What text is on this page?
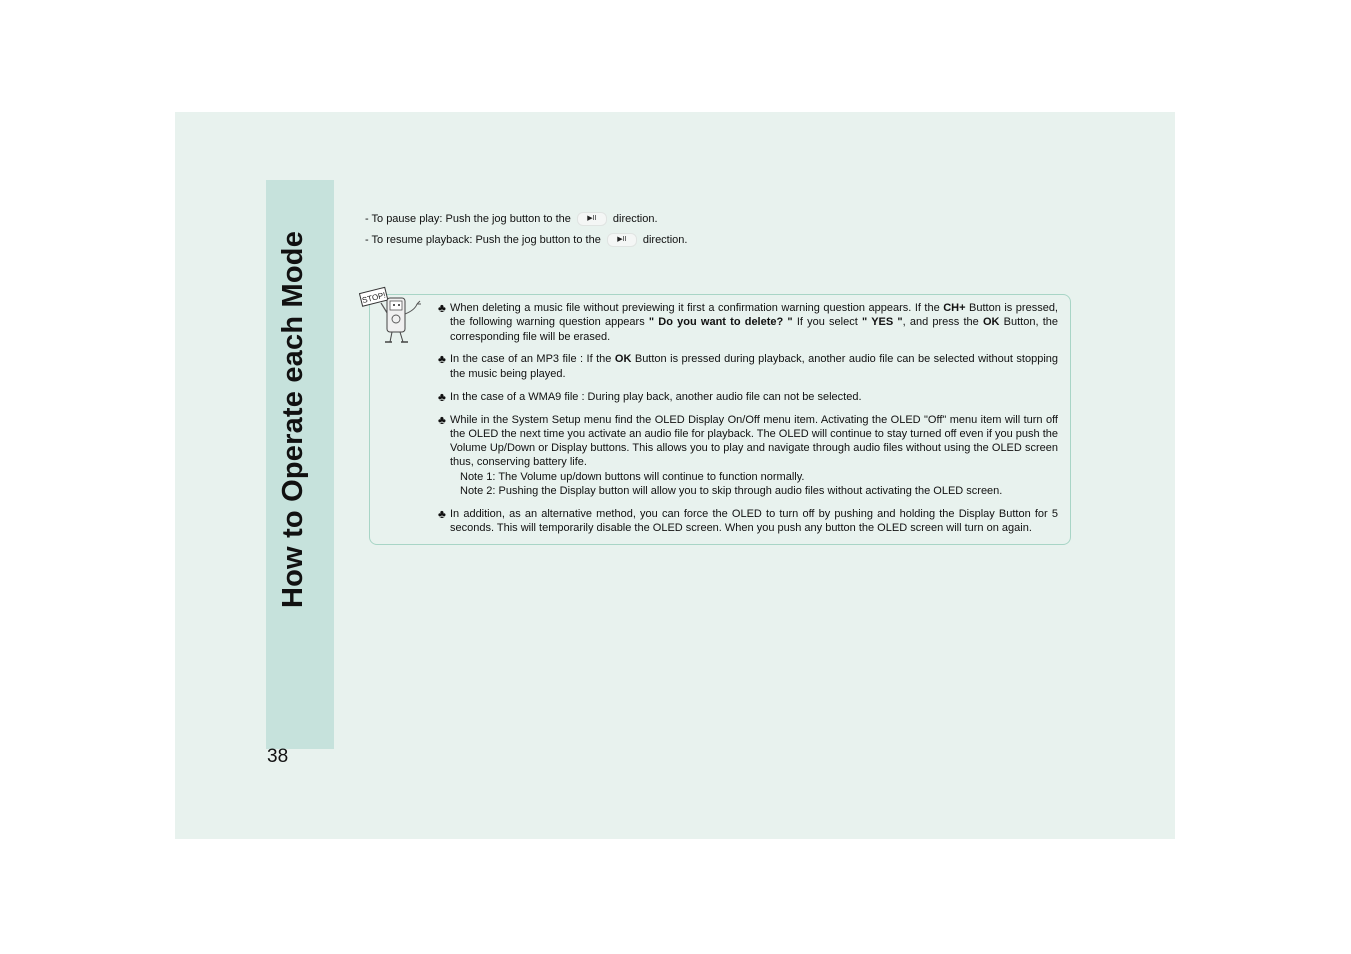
How to Operate each Mode
38
- To pause play: Push the jog button to the ▶II direction.
- To resume playback: Push the jog button to the ▶II direction.
STOP!
♣ When deleting a music file without previewing it first a confirmation warning question appears. If the CH+ Button is pressed, the following warning question appears " Do you want to delete? " If you select " YES ", and press the OK Button, the corresponding file will be erased.
♣ In the case of an MP3 file : If the OK Button is pressed during playback, another audio file can be selected without stopping the music being played.
♣ In the case of a WMA9 file : During play back, another audio file can not be selected.
♣ While in the System Setup menu find the OLED Display On/Off menu item. Activating the OLED "Off" menu item will turn off the OLED the next time you activate an audio file for playback. The OLED will continue to stay turned off even if you push the Volume Up/Down or Display buttons. This allows you to play and navigate through audio files without using the OLED screen thus, conserving battery life.
Note 1: The Volume up/down buttons will continue to function normally.
Note 2: Pushing the Display button will allow you to skip through audio files without activating the OLED screen.
♣ In addition, as an alternative method, you can force the OLED to turn off by pushing and holding the Display Button for 5 seconds. This will temporarily disable the OLED screen. When you push any button the OLED screen will turn on again.
